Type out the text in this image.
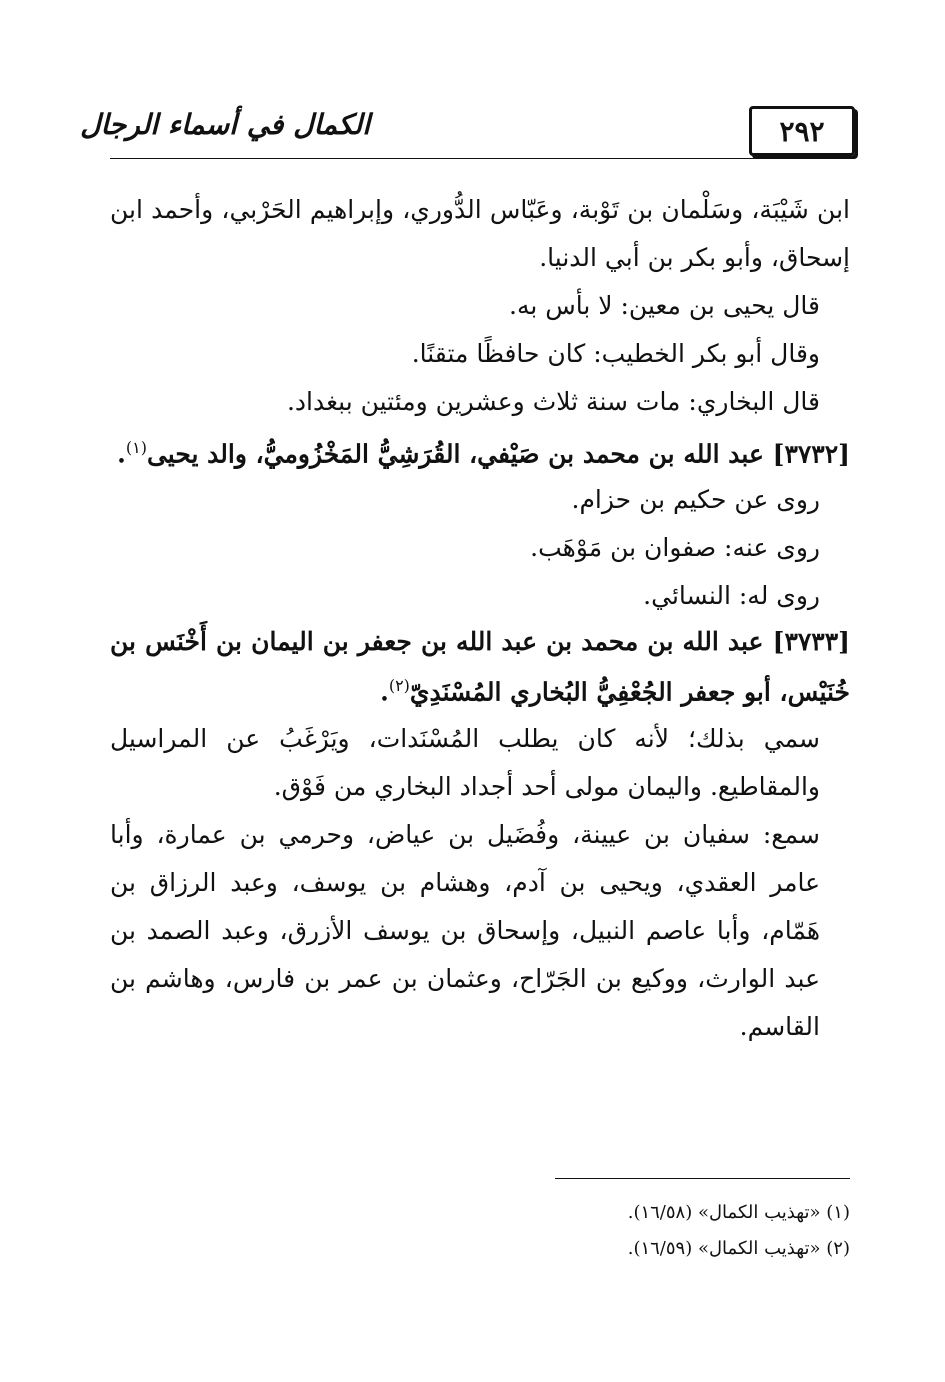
٢٩٢
الكمال في أسماء الرجال

ابن شَيْبَة، وسَلْمان بن تَوْبة، وعَبّاس الدُّوري، وإبراهيم الحَرْبي، وأحمد ابن إسحاق، وأبو بكر بن أبي الدنيا.

قال يحيى بن معين: لا بأس به.

وقال أبو بكر الخطيب: كان حافظًا متقنًا.

قال البخاري: مات سنة ثلاث وعشرين ومئتين ببغداد.

[٣٧٣٢] عبد الله بن محمد بن صَيْفي، القُرَشِيُّ المَخْزُوميُّ، والد يحيى$^{(١)}$.

روى عن حكيم بن حزام.

روى عنه: صفوان بن مَوْهَب.

روى له: النسائي.

[٣٧٣٣] عبد الله بن محمد بن عبد الله بن جعفر بن اليمان بن أَخْنَس بن خُنَيْس، أبو جعفر الجُعْفِيُّ البُخاري المُسْنَدِيّ$^{(٢)}$.

سمي بذلك؛ لأنه كان يطلب المُسْنَدات، ويَرْغَبُ عن المراسيل والمقاطيع. واليمان مولى أحد أجداد البخاري من فَوْق.

سمع: سفيان بن عيينة، وفُضَيل بن عياض، وحرمي بن عمارة، وأبا عامر العقدي، ويحيى بن آدم، وهشام بن يوسف، وعبد الرزاق بن هَمّام، وأبا عاصم النبيل، وإسحاق بن يوسف الأزرق، وعبد الصمد بن عبد الوارث، ووكيع بن الجَرّاح، وعثمان بن عمر بن فارس، وهاشم بن القاسم.

(١) «تهذيب الكمال» (١٦/٥٨).

(٢) «تهذيب الكمال» (١٦/٥٩).
